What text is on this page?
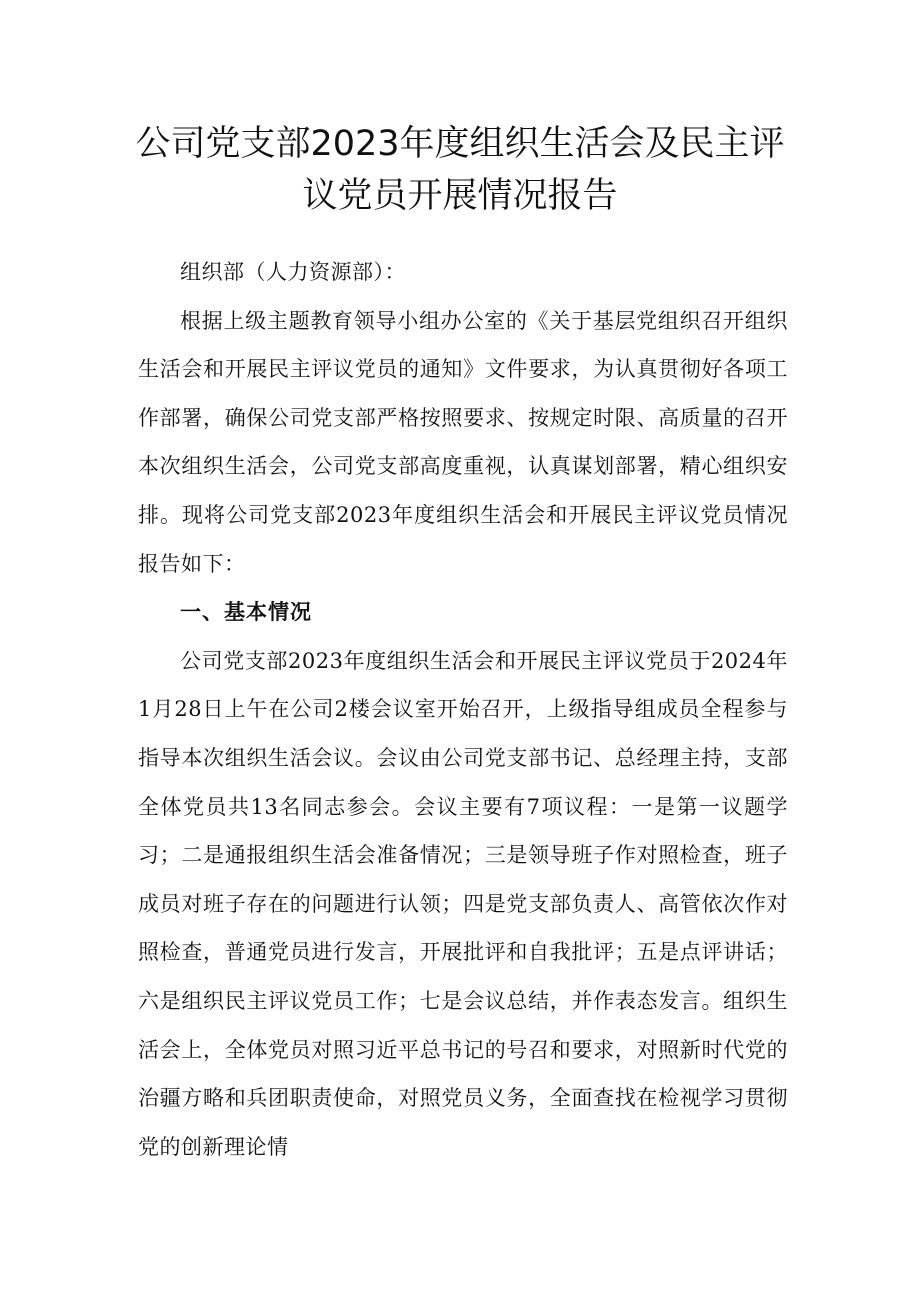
公司党支部2023年度组织生活会及民主评
议党员开展情况报告

组织部（人力资源部）：

根据上级主题教育领导小组办公室的《关于基层党组织召开组织生活会和开展民主评议党员的通知》文件要求，为认真贯彻好各项工作部署，确保公司党支部严格按照要求、按规定时限、高质量的召开本次组织生活会，公司党支部高度重视，认真谋划部署，精心组织安排。现将公司党支部2023年度组织生活会和开展民主评议党员情况报告如下：

一、基本情况

公司党支部2023年度组织生活会和开展民主评议党员于2024年1月28日上午在公司2楼会议室开始召开，上级指导组成员全程参与指导本次组织生活会议。会议由公司党支部书记、总经理主持，支部全体党员共13名同志参会。会议主要有7项议程：一是第一议题学习；二是通报组织生活会准备情况；三是领导班子作对照检查，班子成员对班子存在的问题进行认领；四是党支部负责人、高管依次作对照检查，普通党员进行发言，开展批评和自我批评；五是点评讲话；六是组织民主评议党员工作；七是会议总结，并作表态发言。组织生活会上，全体党员对照习近平总书记的号召和要求，对照新时代党的治疆方略和兵团职责使命，对照党员义务，全面查找在检视学习贯彻党的创新理论情
